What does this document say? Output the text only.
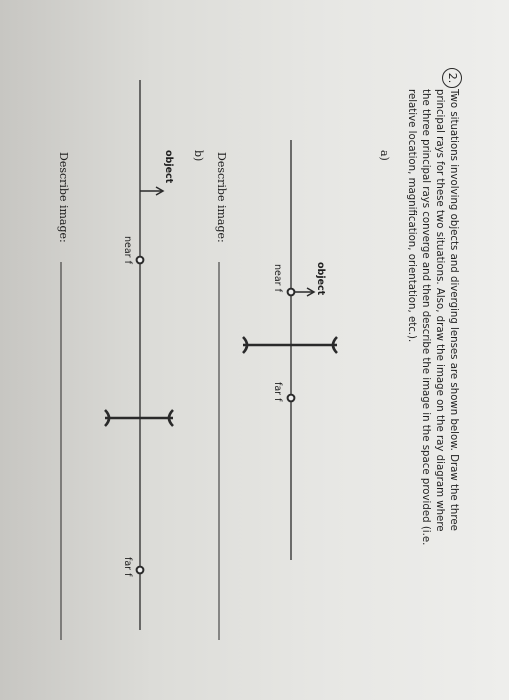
2.
Two situations involving objects and diverging lenses are shown below. Draw the three
principal rays for these two situations. Also, draw the image on the ray diagram where
the three principal rays converge and then describe the image in the space provided (i.e.
relative location, magnification, orientation, etc.).
a)
object
near f
far f
Describe image:
b)
object
near f
far f
Describe image:
